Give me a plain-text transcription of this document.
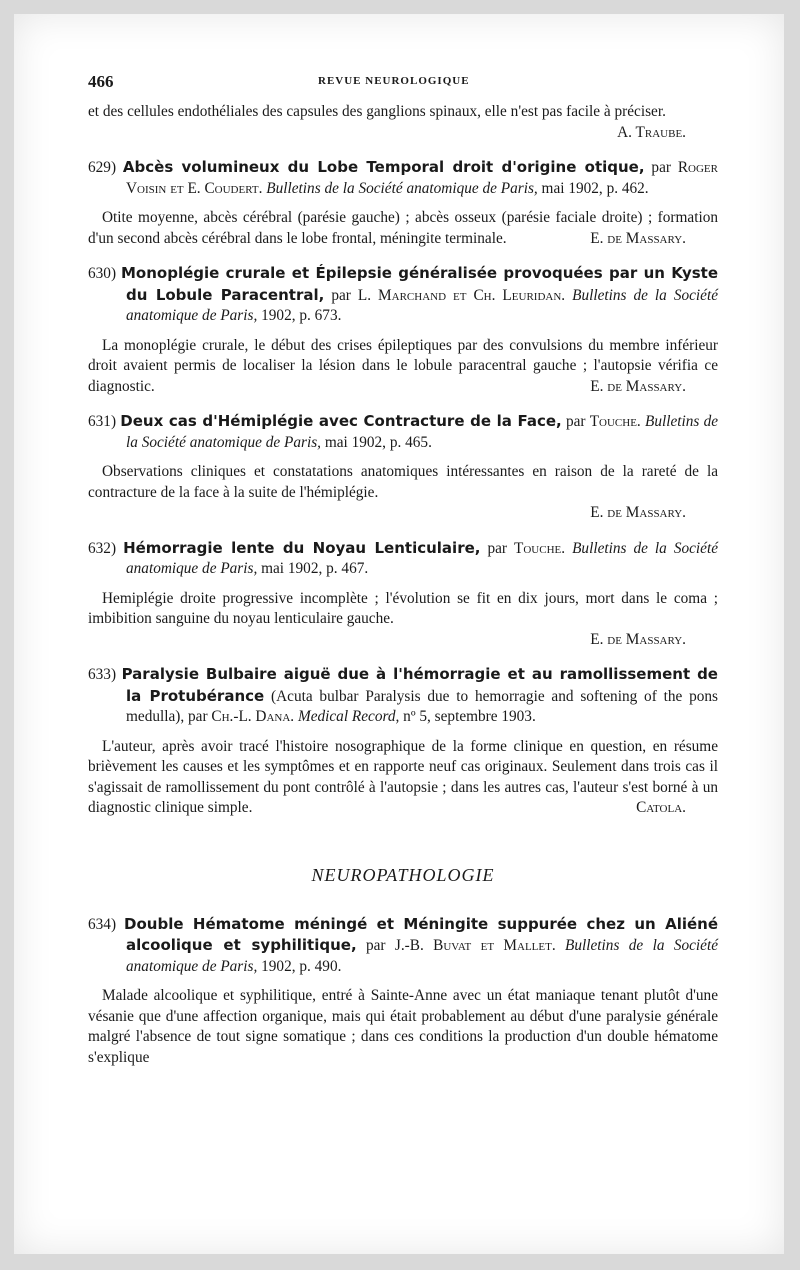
466	REVUE NEUROLOGIQUE

et des cellules endothéliales des capsules des ganglions spinaux, elle n'est pas facile à préciser.
A. Traube.

629) Abcès volumineux du Lobe Temporal droit d'origine otique, par Roger Voisin et E. Coudert. Bulletins de la Société anatomique de Paris, mai 1902, p. 462.

Otite moyenne, abcès cérébral (parésie gauche) ; abcès osseux (parésie faciale droite) ; formation d'un second abcès cérébral dans le lobe frontal, méningite terminale.	E. de Massary.

630) Monoplégie crurale et Épilepsie généralisée provoquées par un Kyste du Lobule Paracentral, par L. Marchand et Ch. Leuridan. Bulletins de la Société anatomique de Paris, 1902, p. 673.

La monoplégie crurale, le début des crises épileptiques par des convulsions du membre inférieur droit avaient permis de localiser la lésion dans le lobule paracentral gauche ; l'autopsie vérifia ce diagnostic.	E. de Massary.

631) Deux cas d'Hémiplégie avec Contracture de la Face, par Touche. Bulletins de la Société anatomique de Paris, mai 1902, p. 465.

Observations cliniques et constatations anatomiques intéressantes en raison de la rareté de la contracture de la face à la suite de l'hémiplégie.

E. de Massary.
632) Hémorragie lente du Noyau Lenticulaire, par Touche. Bulletins de la Société anatomique de Paris, mai 1902, p. 467.

Hemiplégie droite progressive incomplète ; l'évolution se fit en dix jours, mort dans le coma ; imbibition sanguine du noyau lenticulaire gauche.

E. de Massary.
633) Paralysie Bulbaire aiguë due à l'hémorragie et au ramollissement de la Protubérance (Acuta bulbar Paralysis due to hemorragie and softening of the pons medulla), par Ch.-L. Dana. Medical Record, nº 5, septembre 1903.

L'auteur, après avoir tracé l'histoire nosographique de la forme clinique en question, en résume brièvement les causes et les symptômes et en rapporte neuf cas originaux. Seulement dans trois cas il s'agissait de ramollissement du pont contrôlé à l'autopsie ; dans les autres cas, l'auteur s'est borné à un diagnostic clinique simple.	Catola.

NEUROPATHOLOGIE
634) Double Hématome méningé et Méningite suppurée chez un Aliéné alcoolique et syphilitique, par J.-B. Buvat et Mallet. Bulletins de la Société anatomique de Paris, 1902, p. 490.

Malade alcoolique et syphilitique, entré à Sainte-Anne avec un état maniaque tenant plutôt d'une vésanie que d'une affection organique, mais qui était probablement au début d'une paralysie générale malgré l'absence de tout signe somatique ; dans ces conditions la production d'un double hématome s'explique
